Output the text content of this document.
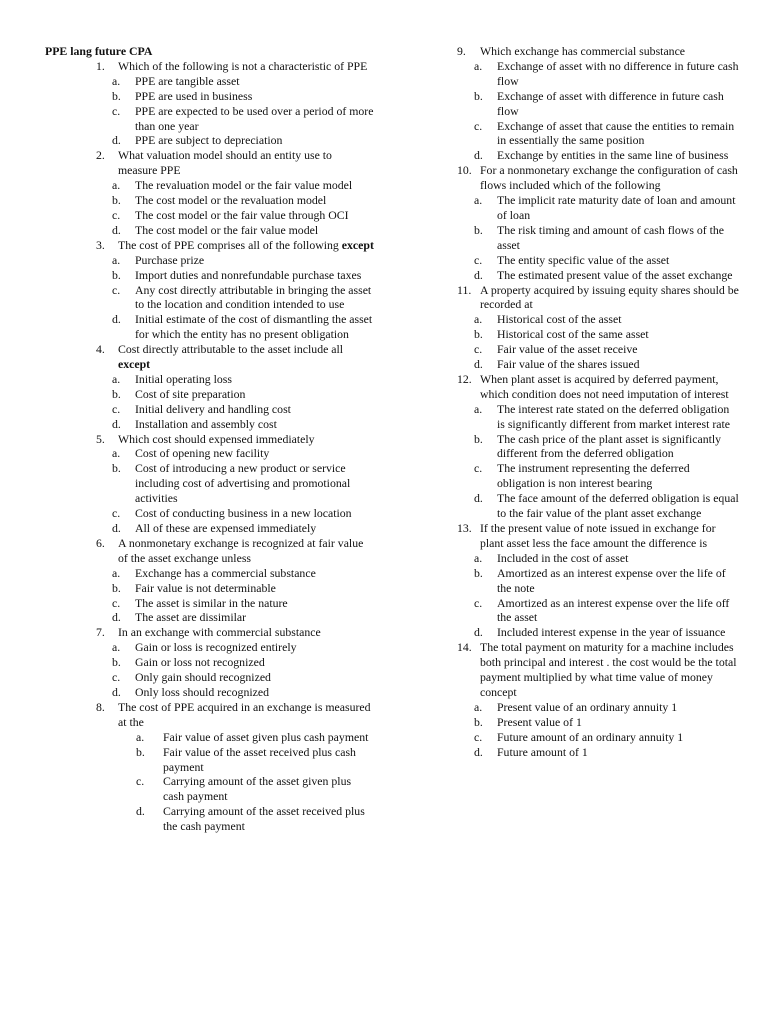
PPE lang future CPA
1. Which of the following is not a characteristic of PPE
a. PPE are tangible asset
b. PPE are used in business
c. PPE are expected to be used over a period of more than one year
d. PPE are subject to depreciation
2. What valuation model should an entity use to measure PPE
a. The revaluation model or the fair value model
b. The cost model or the revaluation model
c. The cost model or the fair value through OCI
d. The cost model or the fair value model
3. The cost of PPE comprises all of the following except
a. Purchase prize
b. Import duties and nonrefundable purchase taxes
c. Any cost directly attributable in bringing the asset to the location and condition intended to use
d. Initial estimate of the cost of dismantling the asset for which the entity has no present obligation
4. Cost directly attributable to the asset include all except
a. Initial operating loss
b. Cost of site preparation
c. Initial delivery and handling cost
d. Installation and assembly cost
5. Which cost should expensed immediately
a. Cost of opening new facility
b. Cost of introducing a new product or service including cost of advertising and promotional activities
c. Cost of conducting business in a new location
d. All of these are expensed immediately
6. A nonmonetary exchange is recognized at fair value of the asset exchange unless
a. Exchange has a commercial substance
b. Fair value is not determinable
c. The asset is similar in the nature
d. The asset are dissimilar
7. In an exchange with commercial substance
a. Gain or loss is recognized entirely
b. Gain or loss not recognized
c. Only gain should recognized
d. Only loss should recognized
8. The cost of PPE acquired in an exchange is measured at the
a. Fair value of asset given plus cash payment
b. Fair value of the asset received plus cash payment
c. Carrying amount of the asset given plus cash payment
d. Carrying amount of the asset received plus the cash payment
9. Which exchange has commercial substance
a. Exchange of asset with no difference in future cash flow
b. Exchange of asset with difference in future cash flow
c. Exchange of asset that cause the entities to remain in essentially the same position
d. Exchange by entities in the same line of business
10. For a nonmonetary exchange the configuration of cash flows included which of the following
a. The implicit rate maturity date of loan and amount of loan
b. The risk timing and amount of cash flows of the asset
c. The entity specific value of the asset
d. The estimated present value of the asset exchange
11. A property acquired by issuing equity shares should be recorded at
a. Historical cost of the asset
b. Historical cost of the same asset
c. Fair value of the asset receive
d. Fair value of the shares issued
12. When plant asset is acquired by deferred payment, which condition does not need imputation of interest
a. The interest rate stated on the deferred obligation is significantly different from market interest rate
b. The cash price of the plant asset is significantly different from the deferred obligation
c. The instrument representing the deferred obligation is non interest bearing
d. The face amount of the deferred obligation is equal to the fair value of the plant asset exchange
13. If the present value of note issued in exchange for plant asset less the face amount the difference is
a. Included in the cost of asset
b. Amortized as an interest expense over the life of the note
c. Amortized as an interest expense over the life off the asset
d. Included interest expense in the year of issuance
14. The total payment on maturity for a machine includes both principal and interest . the cost would be the total payment multiplied by what time value of money concept
a. Present value of an ordinary annuity 1
b. Present value of 1
c. Future amount of an ordinary annuity 1
d. Future amount of 1
